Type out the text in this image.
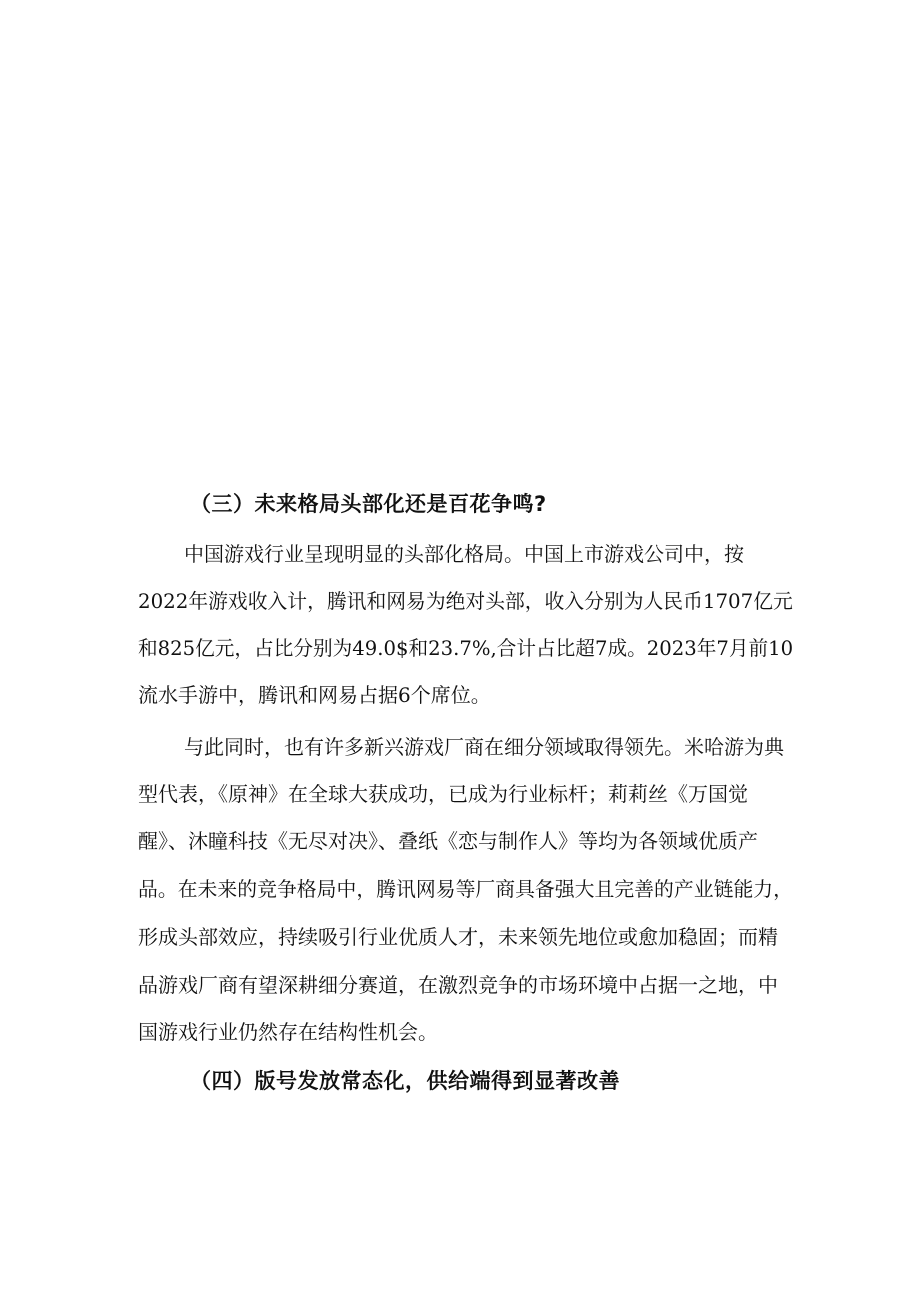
（三）未来格局头部化还是百花争鸣?
中国游戏行业呈现明显的头部化格局。中国上市游戏公司中，按
2022年游戏收入计，腾讯和网易为绝对头部，收入分别为人民币1707亿元
和825亿元，占比分别为49.0$和23.7%,合计占比超7成。2023年7月前10
流水手游中，腾讯和网易占据6个席位。
与此同时，也有许多新兴游戏厂商在细分领域取得领先。米哈游为典
型代表，《原神》在全球大获成功，已成为行业标杆；莉莉丝《万国觉
醒》、沐瞳科技《无尽对决》、叠纸《恋与制作人》等均为各领域优质产
品。在未来的竞争格局中，腾讯网易等厂商具备强大且完善的产业链能力，
形成头部效应，持续吸引行业优质人才，未来领先地位或愈加稳固；而精
品游戏厂商有望深耕细分赛道，在激烈竞争的市场环境中占据一之地，中
国游戏行业仍然存在结构性机会。
（四）版号发放常态化，供给端得到显著改善
